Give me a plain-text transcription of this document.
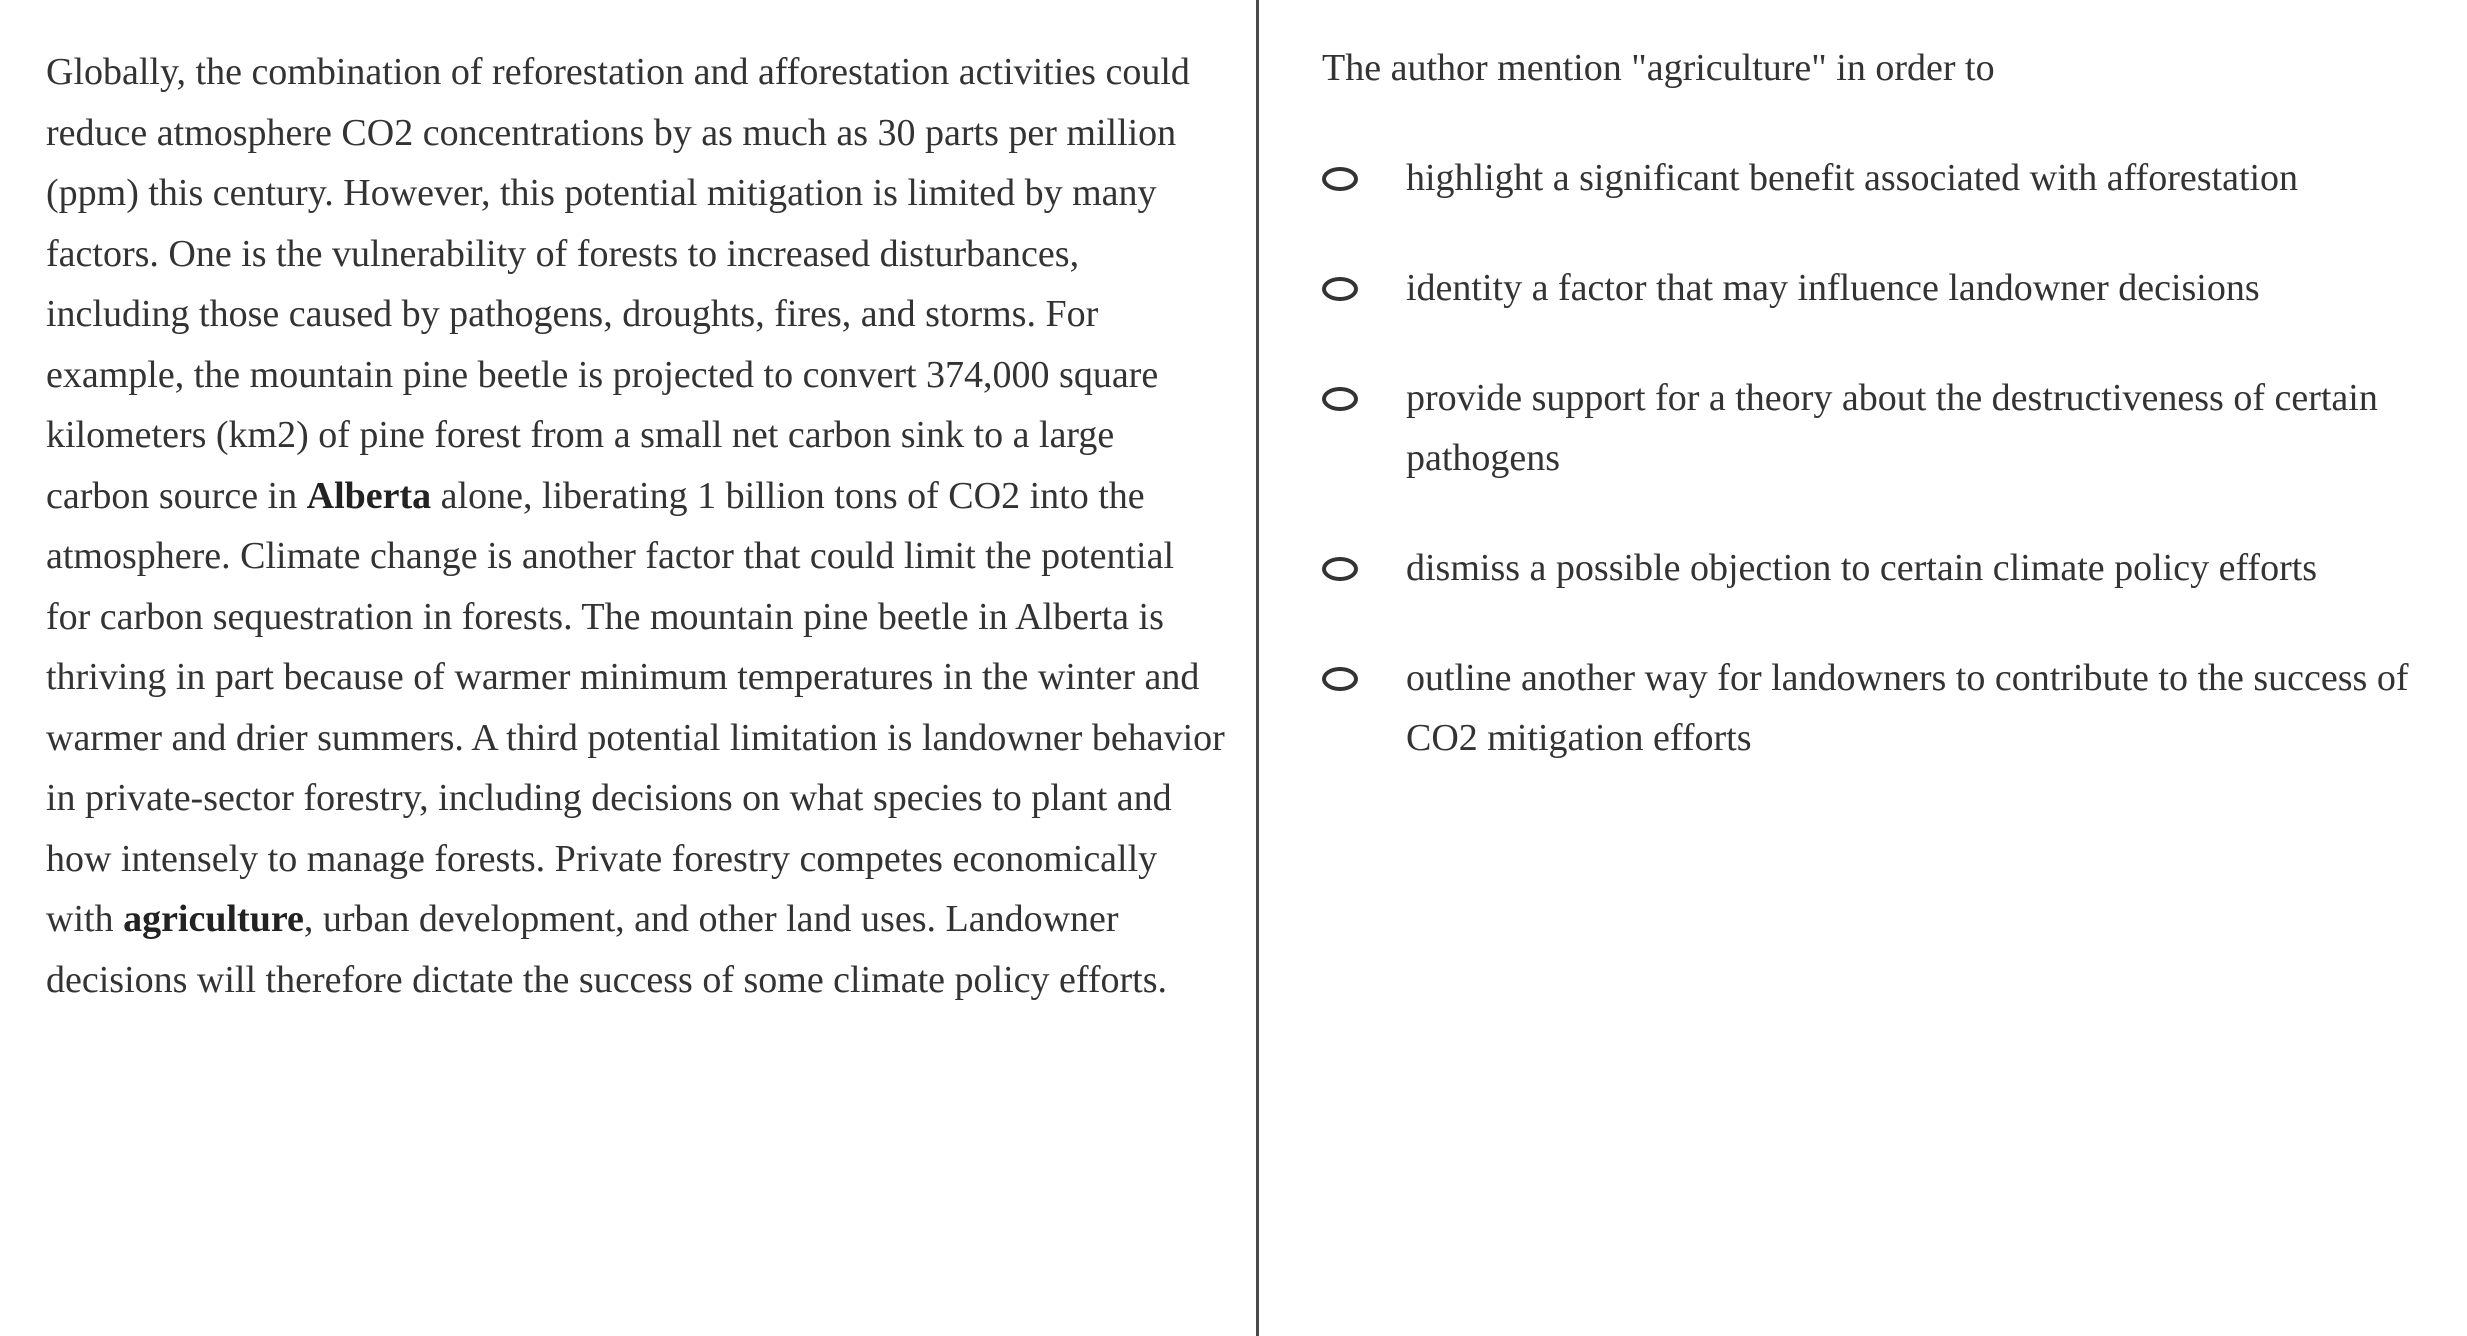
Globally, the combination of reforestation and afforestation activities could reduce atmosphere CO2 concentrations by as much as 30 parts per million (ppm) this century. However, this potential mitigation is limited by many factors. One is the vulnerability of forests to increased disturbances, including those caused by pathogens, droughts, fires, and storms. For example, the mountain pine beetle is projected to convert 374,000 square kilometers (km2) of pine forest from a small net carbon sink to a large carbon source in Alberta alone, liberating 1 billion tons of CO2 into the atmosphere. Climate change is another factor that could limit the potential for carbon sequestration in forests. The mountain pine beetle in Alberta is thriving in part because of warmer minimum temperatures in the winter and warmer and drier summers. A third potential limitation is landowner behavior in private-sector forestry, including decisions on what species to plant and how intensely to manage forests. Private forestry competes economically with agriculture, urban development, and other land uses. Landowner decisions will therefore dictate the success of some climate policy efforts.
The author mention "agriculture" in order to
highlight a significant benefit associated with afforestation
identity a factor that may influence landowner decisions
provide support for a theory about the destructiveness of certain pathogens
dismiss a possible objection to certain climate policy efforts
outline another way for landowners to contribute to the success of CO2 mitigation efforts
